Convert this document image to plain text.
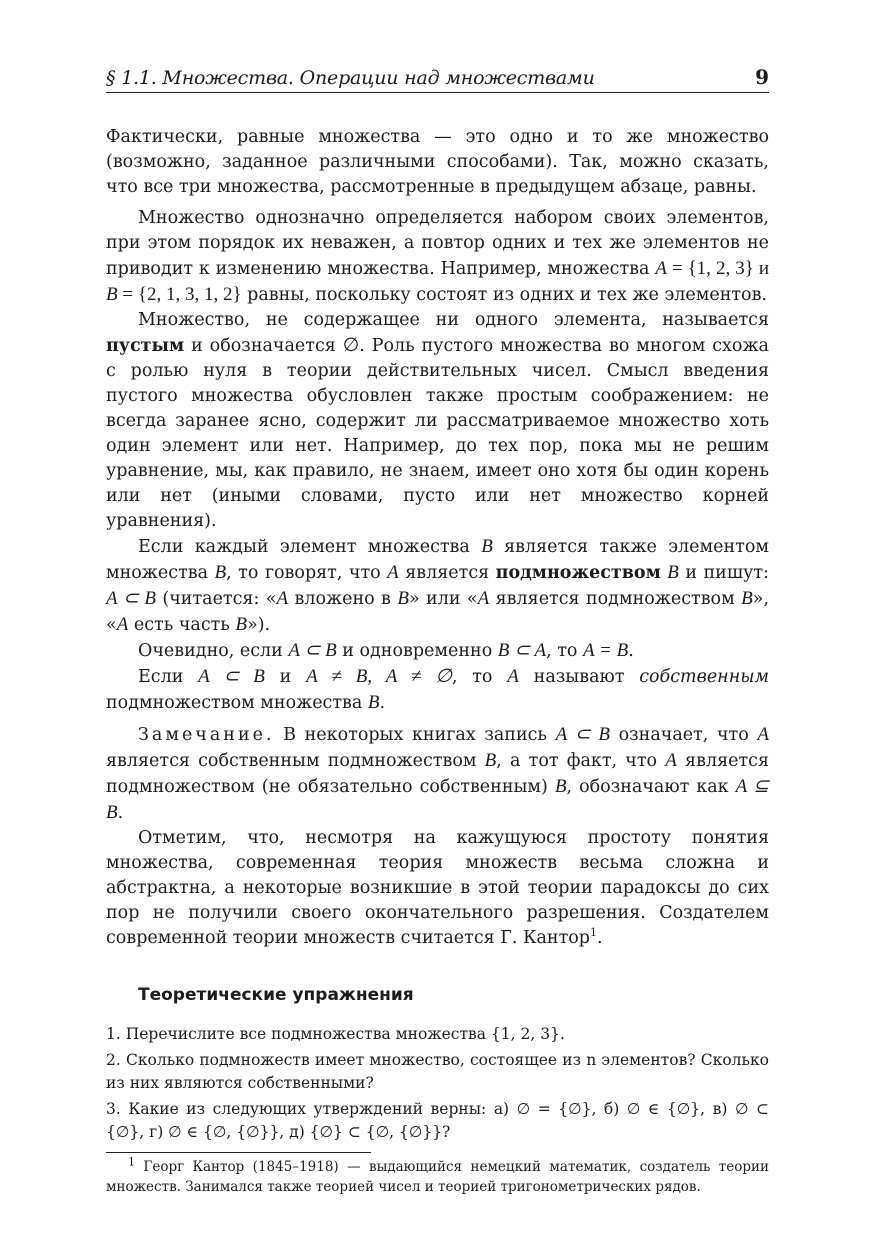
§ 1.1. Множества. Операции над множествами	9

Фактически, равные множества — это одно и то же множество (возможно, заданное различными способами). Так, можно сказать, что все три множества, рассмотренные в предыдущем абзаце, равны.

Множество однозначно определяется набором своих элементов, при этом порядок их неважен, а повтор одних и тех же элементов не приводит к изменению множества. Например, множества A = {1, 2, 3} и B = {2, 1, 3, 1, 2} равны, поскольку состоят из одних и тех же элементов.

Множество, не содержащее ни одного элемента, называется пустым и обозначается ∅. Роль пустого множества во многом схожа с ролью нуля в теории действительных чисел. Смысл введения пустого множества обусловлен также простым соображением: не всегда заранее ясно, содержит ли рассматриваемое множество хоть один элемент или нет. Например, до тех пор, пока мы не решим уравнение, мы, как правило, не знаем, имеет оно хотя бы один корень или нет (иными словами, пусто или нет множество корней уравнения).

Если каждый элемент множества B является также элементом множества B, то говорят, что A является подмножеством B и пишут: A ⊂ B (читается: «A вложено в B» или «A является подмножеством B», «A есть часть B»).

Очевидно, если A ⊂ B и одновременно B ⊂ A, то A = B.

Если A ⊂ B и A ≠ B, A ≠ ∅, то A называют собственным подмножеством множества B.

Замечание. В некоторых книгах запись A ⊂ B означает, что A является собственным подмножеством B, а тот факт, что A является подмножеством (не обязательно собственным) B, обозначают как A ⊆ B.

Отметим, что, несмотря на кажущуюся простоту понятия множества, современная теория множеств весьма сложна и абстрактна, а некоторые возникшие в этой теории парадоксы до сих пор не получили своего окончательного разрешения. Создателем современной теории множеств считается Г. Кантор$^1$.

Теоретические упражнения

1. Перечислите все подмножества множества {1, 2, 3}.

2. Сколько подмножеств имеет множество, состоящее из n элементов? Сколько из них являются собственными?

3. Какие из следующих утверждений верны: а) ∅ = {∅}, б) ∅ ∈ {∅}, в) ∅ ⊂ {∅}, г) ∅ ∈ {∅, {∅}}, д) {∅} ⊂ {∅, {∅}}?

$^1$ Георг Кантор (1845–1918) — выдающийся немецкий математик, создатель теории множеств. Занимался также теорией чисел и теорией тригонометрических рядов.
